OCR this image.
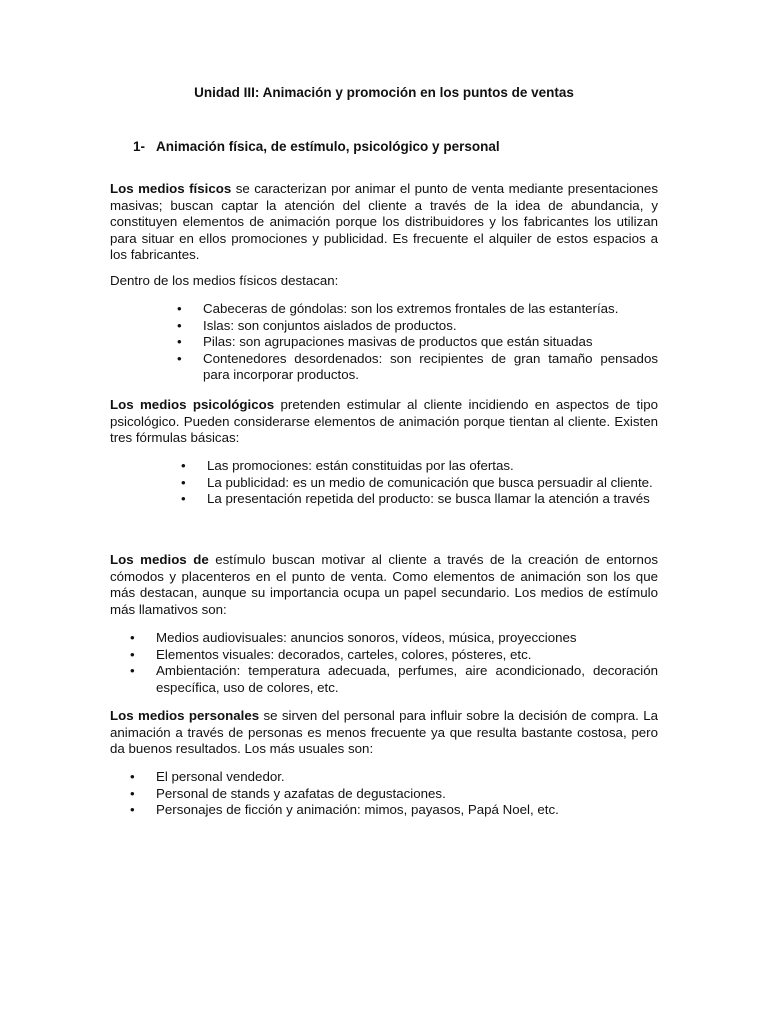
Unidad III: Animación y promoción en los puntos de ventas
1- Animación física, de estímulo, psicológico y personal

Los medios físicos se caracterizan por animar el punto de venta mediante presentaciones masivas; buscan captar la atención del cliente a través de la idea de abundancia, y constituyen elementos de animación porque los distribuidores y los fabricantes los utilizan para situar en ellos promociones y publicidad. Es frecuente el alquiler de estos espacios a los fabricantes.

Dentro de los medios físicos destacan:

•	Cabeceras de góndolas: son los extremos frontales de las estanterías.
•	Islas: son conjuntos aislados de productos.
•	Pilas: son agrupaciones masivas de productos que están situadas
•	Contenedores desordenados: son recipientes de gran tamaño pensados para incorporar productos.

Los medios psicológicos pretenden estimular al cliente incidiendo en aspectos de tipo psicológico. Pueden considerarse elementos de animación porque tientan al cliente. Existen tres fórmulas básicas:

•	Las promociones: están constituidas por las ofertas.
•	La publicidad: es un medio de comunicación que busca persuadir al cliente.
•	La presentación repetida del producto: se busca llamar la atención a través

Los medios de estímulo buscan motivar al cliente a través de la creación de entornos cómodos y placenteros en el punto de venta. Como elementos de animación son los que más destacan, aunque su importancia ocupa un papel secundario. Los medios de estímulo más llamativos son:

•	Medios audiovisuales: anuncios sonoros, vídeos, música, proyecciones
•	Elementos visuales: decorados, carteles, colores, pósteres, etc.
•	Ambientación: temperatura adecuada, perfumes, aire acondicionado, decoración específica, uso de colores, etc.

Los medios personales se sirven del personal para influir sobre la decisión de compra. La animación a través de personas es menos frecuente ya que resulta bastante costosa, pero da buenos resultados. Los más usuales son:

•	El personal vendedor.
•	Personal de stands y azafatas de degustaciones.
•	Personajes de ficción y animación: mimos, payasos, Papá Noel, etc.
